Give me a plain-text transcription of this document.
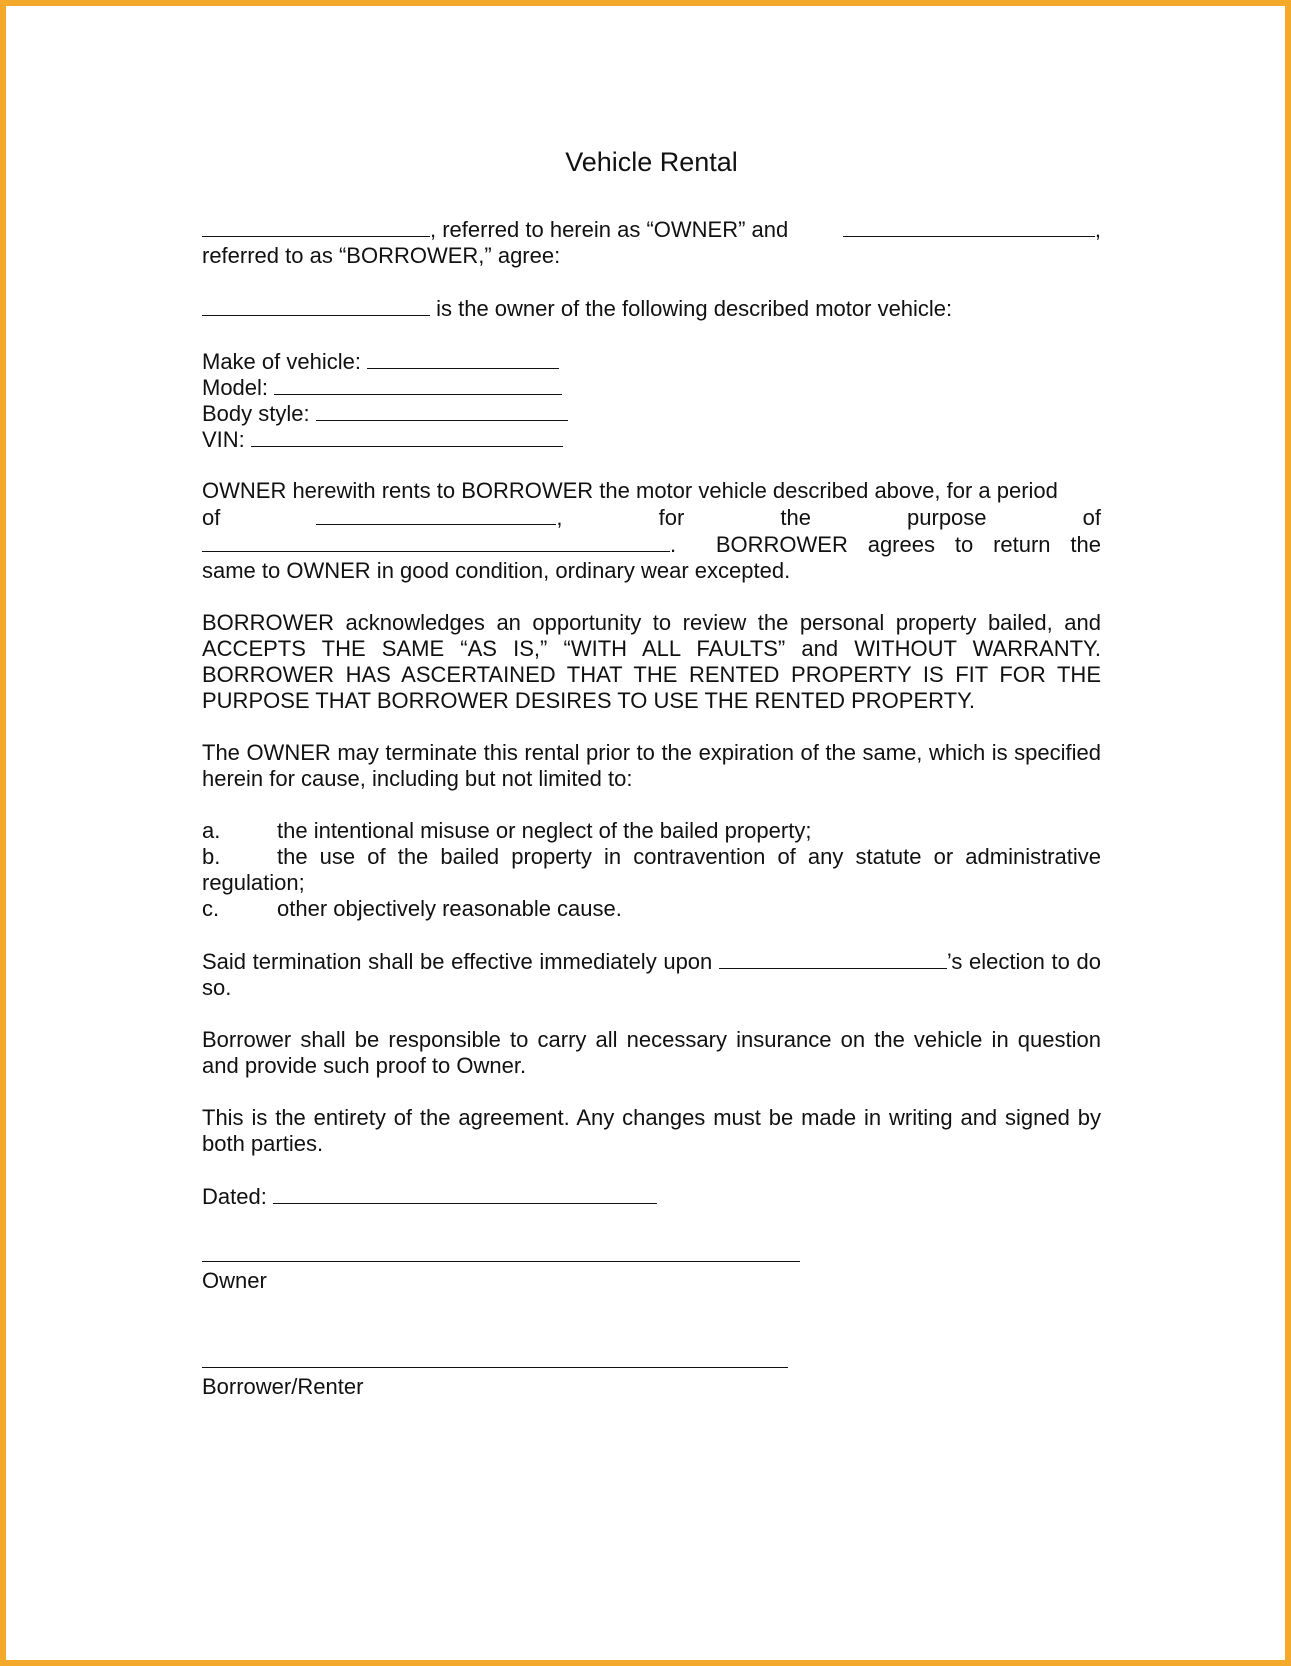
Vehicle Rental

, referred to herein as “OWNER” and	,
referred to as “BORROWER,” agree:

is the owner of the following described motor vehicle:

Make of vehicle:
Model:
Body style:
VIN:

OWNER herewith rents to BORROWER the motor vehicle described above, for a period
of	,	for	the	purpose	of
.  BORROWER agrees to return the
same to OWNER in good condition, ordinary wear excepted.

BORROWER acknowledges an opportunity to review the personal property bailed, and ACCEPTS THE SAME “AS IS,” “WITH ALL FAULTS” and WITHOUT WARRANTY. BORROWER HAS ASCERTAINED THAT THE RENTED PROPERTY IS FIT FOR THE PURPOSE THAT BORROWER DESIRES TO USE THE RENTED PROPERTY.

The OWNER may terminate this rental prior to the expiration of the same, which is specified herein for cause, including but not limited to:

a.	the intentional misuse or neglect of the bailed property;
b.	the use of the bailed property in contravention of any statute or administrative regulation;
c.	other objectively reasonable cause.

Said termination shall be effective immediately upon	’s election to do so.

Borrower shall be responsible to carry all necessary insurance on the vehicle in question and provide such proof to Owner.

This is the entirety of the agreement. Any changes must be made in writing and signed by both parties.

Dated:

Owner
Borrower/Renter
